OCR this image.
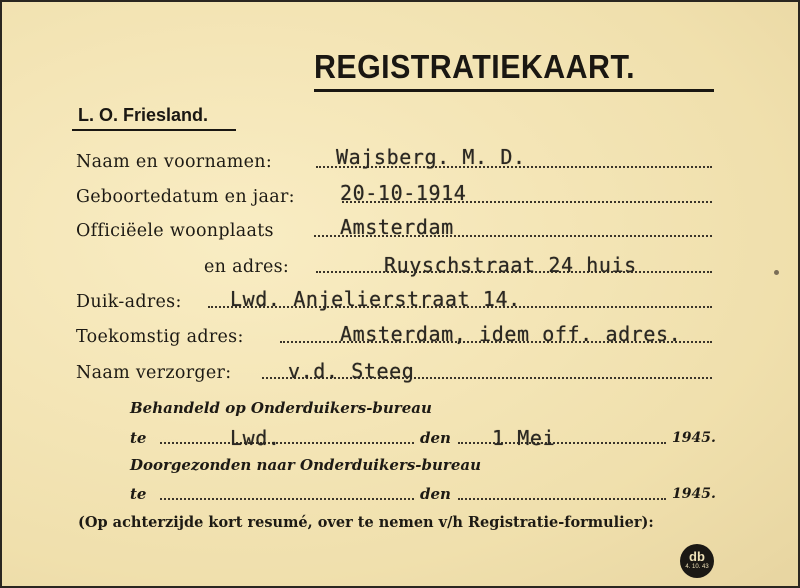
REGISTRATIEKAART.
L. O. Friesland.
Naam en voornamen:	Wajsberg. M. D.
Geboortedatum en jaar: 20-10-1914
Officiëele woonplaats	Amsterdam
en adres:	Ruyschstraat 24 huis
Duik-adres: Lwd. Anjelierstraat 14.
Toekomstig adres:	Amsterdam, idem off. adres.
Naam verzorger:	v.d. Steeg
Behandeld op Onderduikers-bureau
te	Lwd.	den 1 Mei	1945.
Doorgezonden naar Onderduikers-bureau
te	den	1945.
(Op achterzijde kort resumé, over te nemen v/h Registratie-formulier):
db
4. 10. 43
